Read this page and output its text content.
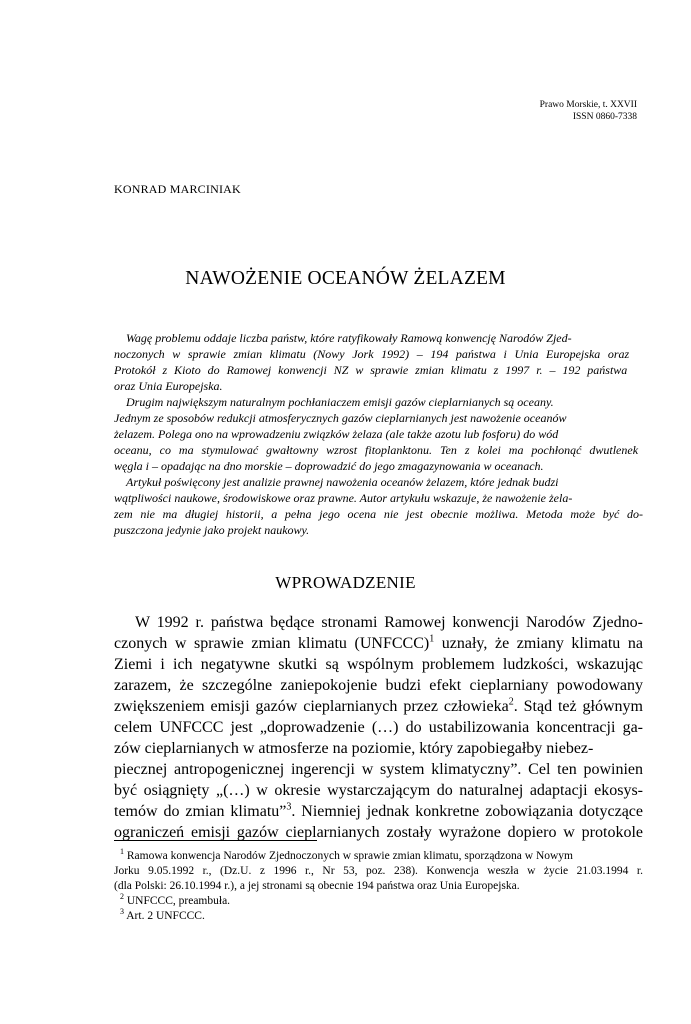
Prawo Morskie, t. XXVII
ISSN 0860-7338
KONRAD MARCINIAK
NAWOŻENIE OCEANÓW ŻELAZEM
Wagę problemu oddaje liczba państw, które ratyfikowały Ramową konwencję Narodów Zjed-
noczonych w sprawie zmian klimatu (Nowy Jork 1992) – 194 państwa i Unia Europejska oraz
Protokół z Kioto do Ramowej konwencji NZ w sprawie zmian klimatu z 1997 r. – 192 państwa
oraz Unia Europejska.
Drugim największym naturalnym pochłaniaczem emisji gazów cieplarnianych są oceany.
Jednym ze sposobów redukcji atmosferycznych gazów cieplarnianych jest nawożenie oceanów
żelazem. Polega ono na wprowadzeniu związków żelaza (ale także azotu lub fosforu) do wód
oceanu, co ma stymulować gwałtowny wzrost fitoplanktonu. Ten z kolei ma pochłonąć dwutlenek
węgla i – opadając na dno morskie – doprowadzić do jego zmagazynowania w oceanach.
Artykuł poświęcony jest analizie prawnej nawożenia oceanów żelazem, które jednak budzi
wątpliwości naukowe, środowiskowe oraz prawne. Autor artykułu wskazuje, że nawożenie żela-
zem nie ma długiej historii, a pełna jego ocena nie jest obecnie możliwa. Metoda może być do-
puszczona jedynie jako projekt naukowy.
WPROWADZENIE
W 1992 r. państwa będące stronami Ramowej konwencji Narodów Zjedno-
czonych w sprawie zmian klimatu (UNFCCC)$^1$ uznały, że zmiany klimatu na
Ziemi i ich negatywne skutki są wspólnym problemem ludzkości, wskazując
zarazem, że szczególne zaniepokojenie budzi efekt cieplarniany powodowany
zwiększeniem emisji gazów cieplarnianych przez człowieka$^2$. Stąd też głównym
celem UNFCCC jest „doprowadzenie (…) do ustabilizowania koncentracji ga-
zów cieplarnianych w atmosferze na poziomie, który zapobiegałby niebez-
piecznej antropogenicznej ingerencji w system klimatyczny”. Cel ten powinien
być osiągnięty „(…) w okresie wystarczającym do naturalnej adaptacji ekosys-
temów do zmian klimatu”$^3$. Niemniej jednak konkretne zobowiązania dotyczące
ograniczeń emisji gazów cieplarnianych zostały wyrażone dopiero w protokole
$^1$ Ramowa konwencja Narodów Zjednoczonych w sprawie zmian klimatu, sporządzona w Nowym
Jorku 9.05.1992 r., (Dz.U. z 1996 r., Nr 53, poz. 238). Konwencja weszła w życie 21.03.1994 r.
(dla Polski: 26.10.1994 r.), a jej stronami są obecnie 194 państwa oraz Unia Europejska.
$^2$ UNFCCC, preambuła.
$^3$ Art. 2 UNFCCC.
